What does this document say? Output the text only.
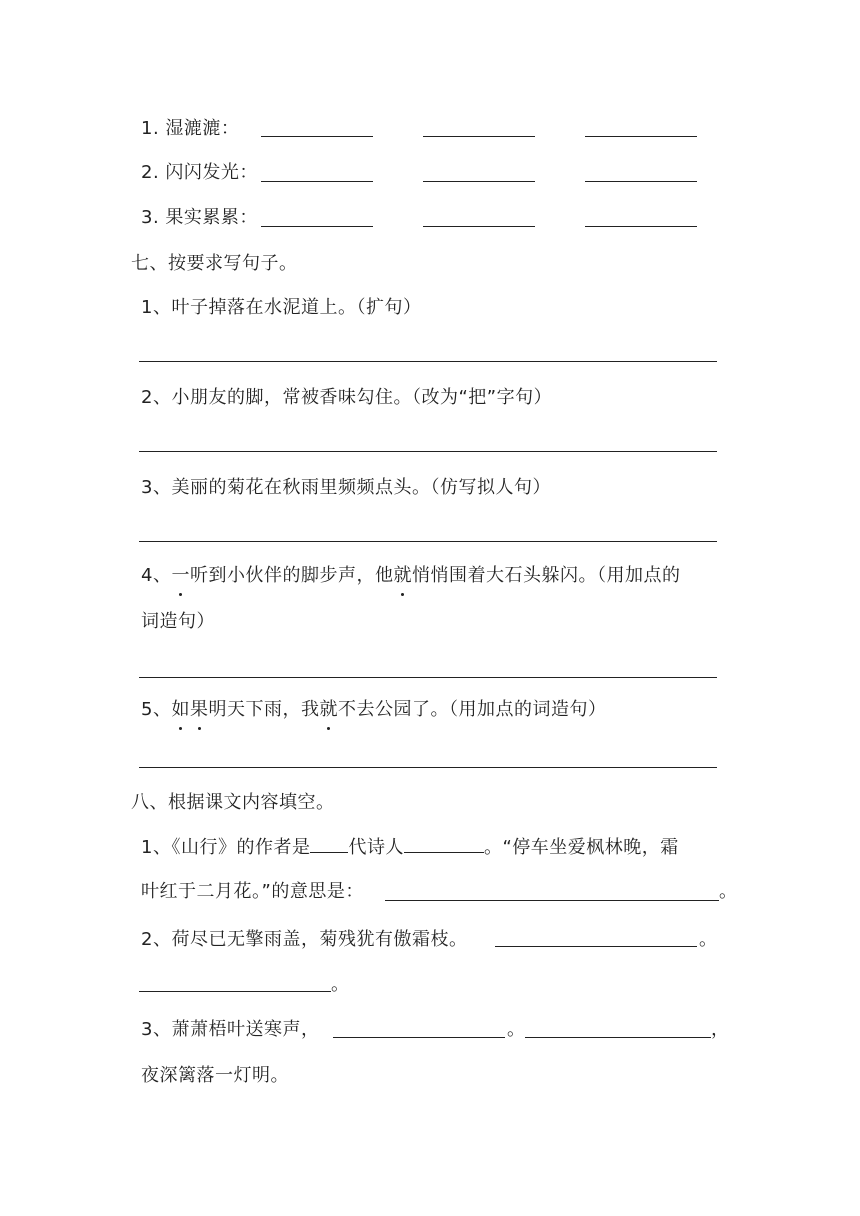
1. 湿漉漉：
2. 闪闪发光：
3. 果实累累：
七、按要求写句子。
1、叶子掉落在水泥道上。（扩句）
2、小朋友的脚，常被香味勾住。（改为“把”字句）
3、美丽的菊花在秋雨里频频点头。（仿写拟人句）
4、一听到小伙伴的脚步声，他就悄悄围着大石头躲闪。（用加点的
词造句）
5、如果明天下雨，我就不去公园了。（用加点的词造句）
八、根据课文内容填空。
1、《山行》的作者是 代诗人	。“停车坐爱枫林晚，霜
叶红于二月花。”的意思是：	。
2、荷尽已无擎雨盖，菊残犹有傲霜枝。	。
。
3、萧萧梧叶送寒声，	。	，
夜深篱落一灯明。
